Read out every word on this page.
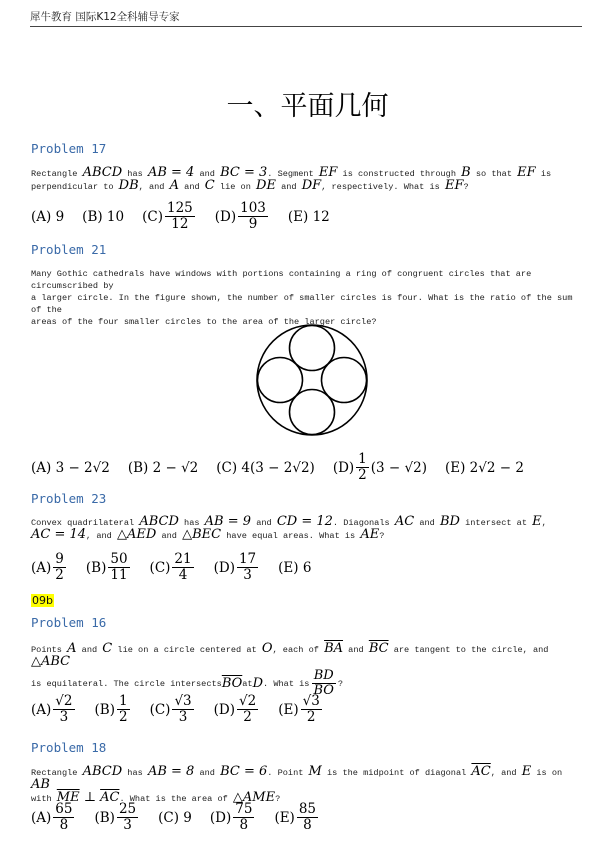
犀牛教育 国际K12全科辅导专家
一、平面几何
Problem 17
Rectangle ABCD has AB = 4 and BC = 3. Segment EF is constructed through B so that EF is
perpendicular to DB, and A and C lie on DE and DF, respectively. What is EF?
(A) 9 (B) 10 $(C) \frac{125}{12} (D) \frac{103}{9} (E)$ 12
Problem 21
Many Gothic cathedrals have windows with portions containing a ring of congruent circles that are circumscribed by
a larger circle. In the figure shown, the number of smaller circles is four. What is the ratio of the sum of the
areas of the four smaller circles to the area of the larger circle?
(A) 3 − 2√2 (B) 2 − √2 (C) 4(3 − 2√2) $(D) \frac{1}{2} (3 - √2)$ (E) 2√2 − 2
Problem 23
Convex quadrilateral ABCD has AB = 9 and CD = 12. Diagonals AC and BD intersect at E,
AC = 14, and △AED and △BEC have equal areas. What is AE?
$(A) \frac{9}{2} (B) \frac{50}{11} (C) \frac{21}{4} (D) \frac{17}{3} (E)$ 6
09b
Problem 16
Points A and C lie on a circle centered at O, each of $\overline{BA}$ and $\overline{BC}$ are tangent to the circle, and △ABC
is equilateral. The circle intersects $\overline{BO}$ at D . What is $\frac{BD}{BO}$ ?
$(A) \frac{√2}{3} (B) \frac{1}{2} (C) \frac{√3}{3} (D) \frac{√2}{2} (E) \frac{√3}{2}$
Problem 18
Rectangle ABCD has AB = 8 and BC = 6. Point M is the midpoint of diagonal $\overline{AC}$, and E is on AB
with $\overline{ME}$ ⊥ $\overline{AC}$. What is the area of △AME?
$(A) \frac{65}{8} (B) \frac{25}{3} (C)$ 9 $(D) \frac{75}{8} (E) \frac{85}{8}$
